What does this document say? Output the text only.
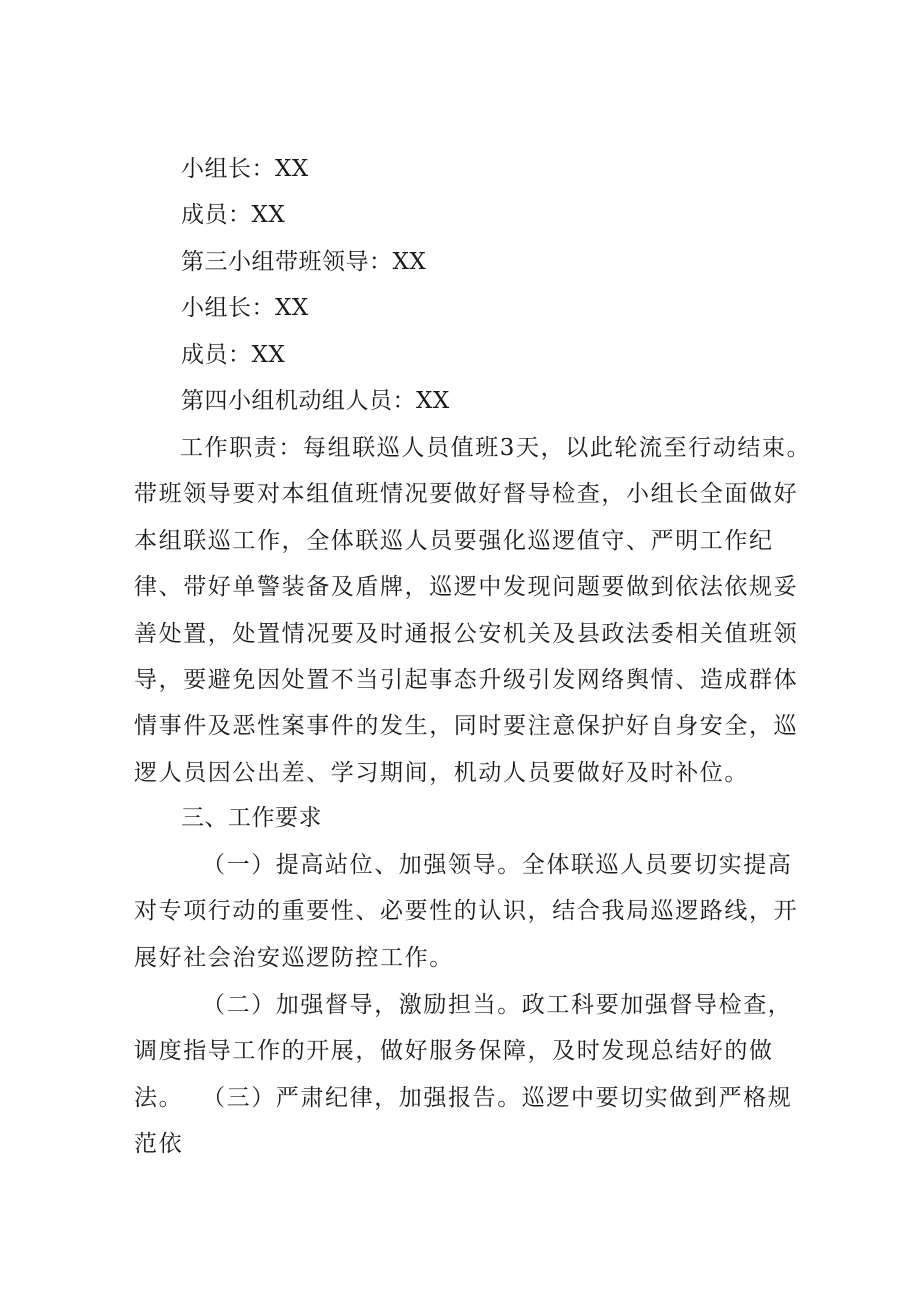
小组长：XX
成员：XX
第三小组带班领导：XX
小组长：XX
成员：XX
第四小组机动组人员：XX

工作职责：每组联巡人员值班3天，以此轮流至行动结束。带班领导要对本组值班情况要做好督导检查，小组长全面做好本组联巡工作，全体联巡人员要强化巡逻值守、严明工作纪律、带好单警装备及盾牌，巡逻中发现问题要做到依法依规妥善处置，处置情况要及时通报公安机关及县政法委相关值班领导，要避免因处置不当引起事态升级引发网络舆情、造成群体情事件及恶性案事件的发生，同时要注意保护好自身安全，巡逻人员因公出差、学习期间，机动人员要做好及时补位。

三、工作要求

（一）提高站位、加强领导。全体联巡人员要切实提高对专项行动的重要性、必要性的认识，结合我局巡逻路线，开展好社会治安巡逻防控工作。

（二）加强督导，激励担当。政工科要加强督导检查，调度指导工作的开展，做好服务保障，及时发现总结好的做法。 （三）严肃纪律，加强报告。巡逻中要切实做到严格规范依
